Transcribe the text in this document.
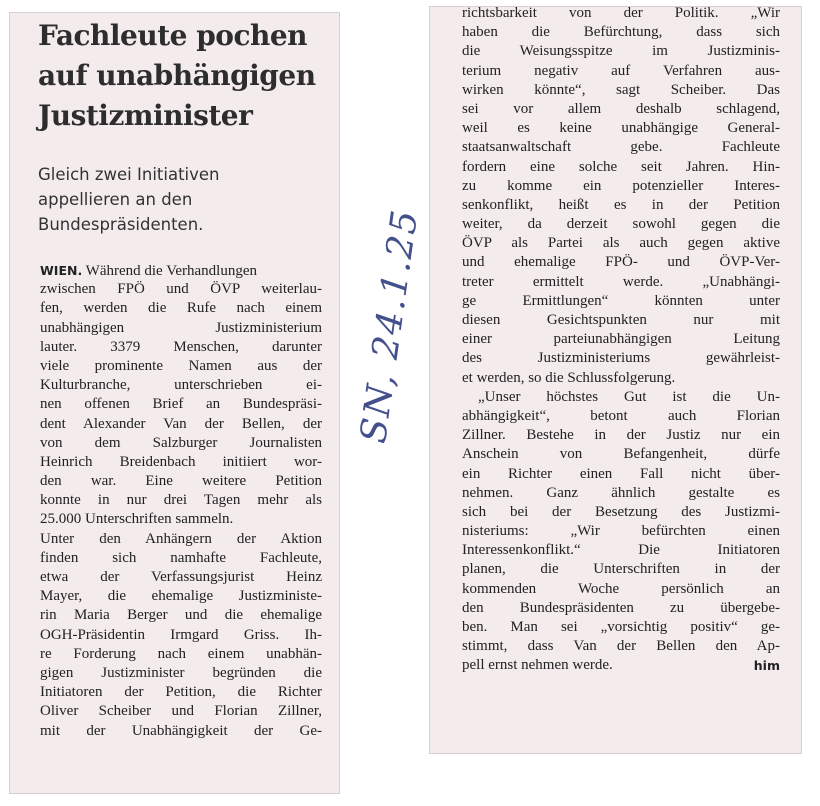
Fachleute pochen
auf unabhängigen
Justizminister
Gleich zwei Initiativen
appellieren an den
Bundespräsidenten.
WIEN. Während die Verhandlungen
zwischen FPÖ und ÖVP weiterlau-
fen, werden die Rufe nach einem
unabhängigen Justizministerium
lauter. 3379 Menschen, darunter
viele prominente Namen aus der
Kulturbranche, unterschrieben ei-
nen offenen Brief an Bundespräsi-
dent Alexander Van der Bellen, der
von dem Salzburger Journalisten
Heinrich Breidenbach initiiert wor-
den war. Eine weitere Petition
konnte in nur drei Tagen mehr als
25.000 Unterschriften sammeln.
Unter den Anhängern der Aktion
finden sich namhafte Fachleute,
etwa der Verfassungsjurist Heinz
Mayer, die ehemalige Justizministe-
rin Maria Berger und die ehemalige
OGH-Präsidentin Irmgard Griss. Ih-
re Forderung nach einem unabhän-
gigen Justizminister begründen die
Initiatoren der Petition, die Richter
Oliver Scheiber und Florian Zillner,
mit der Unabhängigkeit der Ge-
richtsbarkeit von der Politik. „Wir
haben die Befürchtung, dass sich
die Weisungsspitze im Justizminis-
terium negativ auf Verfahren aus-
wirken könnte“, sagt Scheiber. Das
sei vor allem deshalb schlagend,
weil es keine unabhängige General-
staatsanwaltschaft gebe. Fachleute
fordern eine solche seit Jahren. Hin-
zu komme ein potenzieller Interes-
senkonflikt, heißt es in der Petition
weiter, da derzeit sowohl gegen die
ÖVP als Partei als auch gegen aktive
und ehemalige FPÖ- und ÖVP-Ver-
treter ermittelt werde. „Unabhängi-
ge Ermittlungen“ könnten unter
diesen Gesichtspunkten nur mit
einer parteiunabhängigen Leitung
des Justizministeriums gewährleist-
et werden, so die Schlussfolgerung.
„Unser höchstes Gut ist die Un-
abhängigkeit“, betont auch Florian
Zillner. Bestehe in der Justiz nur ein
Anschein von Befangenheit, dürfe
ein Richter einen Fall nicht über-
nehmen. Ganz ähnlich gestalte es
sich bei der Besetzung des Justizmi-
nisteriums: „Wir befürchten einen
Interessenkonflikt.“ Die Initiatoren
planen, die Unterschriften in der
kommenden Woche persönlich an
den Bundespräsidenten zu übergebe-
ben. Man sei „vorsichtig positiv“ ge-
stimmt, dass Van der Bellen den Ap-
pell ernst nehmen werde.	him
SN, 24.1.25
